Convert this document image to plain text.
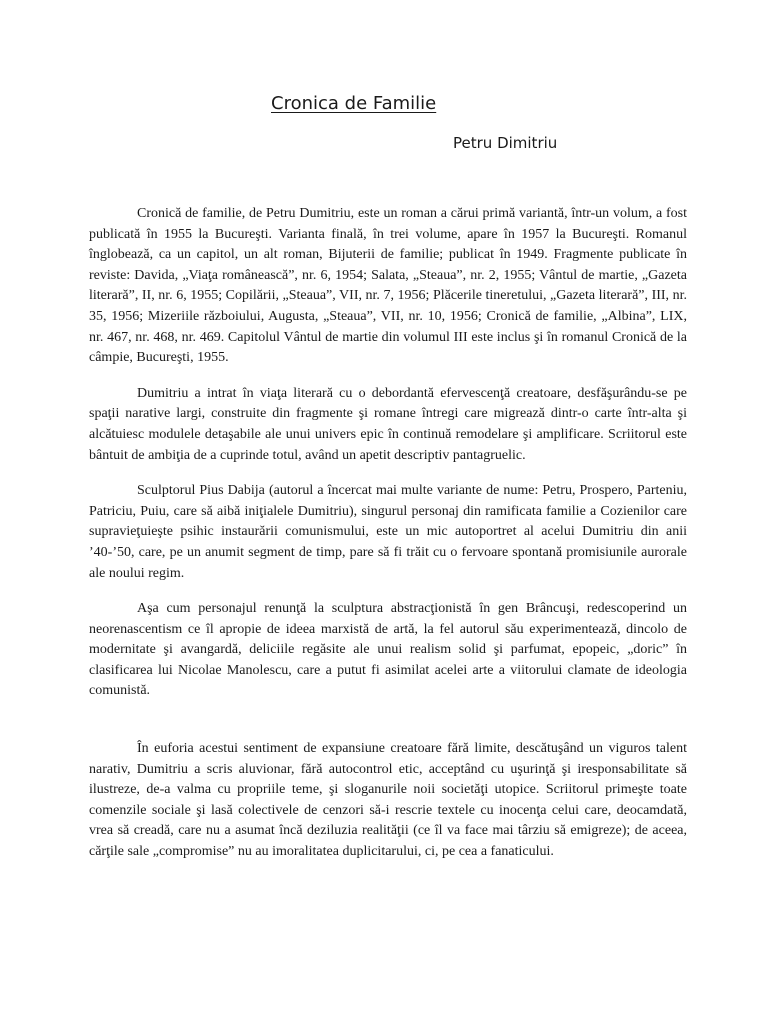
Cronica de Familie
Petru Dimitriu

Cronică de familie, de Petru Dumitriu, este un roman a cărui primă variantă, într-un volum, a fost publicată în 1955 la Bucureşti. Varianta finală, în trei volume, apare în 1957 la Bucureşti. Romanul înglobează, ca un capitol, un alt roman, Bijuterii de familie; publicat în 1949. Fragmente publicate în reviste: Davida, „Viaţa românească”, nr. 6, 1954; Salata, „Steaua”, nr. 2, 1955; Vântul de martie, „Gazeta literară”, II, nr. 6, 1955; Copilării, „Steaua”, VII, nr. 7, 1956; Plăcerile tineretului, „Gazeta literară”, III, nr. 35, 1956; Mizeriile războiului, Augusta, „Steaua”, VII, nr. 10, 1956; Cronică de familie, „Albina”, LIX, nr. 467, nr. 468, nr. 469. Capitolul Vântul de martie din volumul III este inclus şi în romanul Cronică de la câmpie, Bucureşti, 1955.

Dumitriu a intrat în viaţa literară cu o debordantă efervescenţă creatoare, desfăşurându-se pe spaţii narative largi, construite din fragmente şi romane întregi care migrează dintr-o carte într-alta şi alcătuiesc modulele detaşabile ale unui univers epic în continuă remodelare şi amplificare. Scriitorul este bântuit de ambiţia de a cuprinde totul, având un apetit descriptiv pantagruelic.

Sculptorul Pius Dabija (autorul a încercat mai multe variante de nume: Petru, Prospero, Parteniu, Patriciu, Puiu, care să aibă iniţialele Dumitriu), singurul personaj din ramificata familie a Cozienilor care supravieţuieşte psihic instaurării comunismului, este un mic autoportret al acelui Dumitriu din anii ’40-’50, care, pe un anumit segment de timp, pare să fi trăit cu o fervoare spontană promisiunile aurorale ale noului regim.

Aşa cum personajul renunţă la sculptura abstracţionistă în gen Brâncuşi, redescoperind un neorenascentism ce îl apropie de ideea marxistă de artă, la fel autorul său experimentează, dincolo de modernitate şi avangardă, deliciile regăsite ale unui realism solid şi parfumat, epopeic, „doric” în clasificarea lui Nicolae Manolescu, care a putut fi asimilat acelei arte a viitorului clamate de ideologia comunistă.

În euforia acestui sentiment de expansiune creatoare fără limite, descătuşând un viguros talent narativ, Dumitriu a scris aluvionar, fără autocontrol etic, acceptând cu uşurinţă şi iresponsabilitate să ilustreze, de-a valma cu propriile teme, şi sloganurile noii societăţi utopice. Scriitorul primeşte toate comenzile sociale şi lasă colectivele de cenzori să-i rescrie textele cu inocenţa celui care, deocamdată, vrea să creadă, care nu a asumat încă deziluzia realităţii (ce îl va face mai târziu să emigreze); de aceea, cărţile sale „compromise” nu au imoralitatea duplicitarului, ci, pe cea a fanaticului.
